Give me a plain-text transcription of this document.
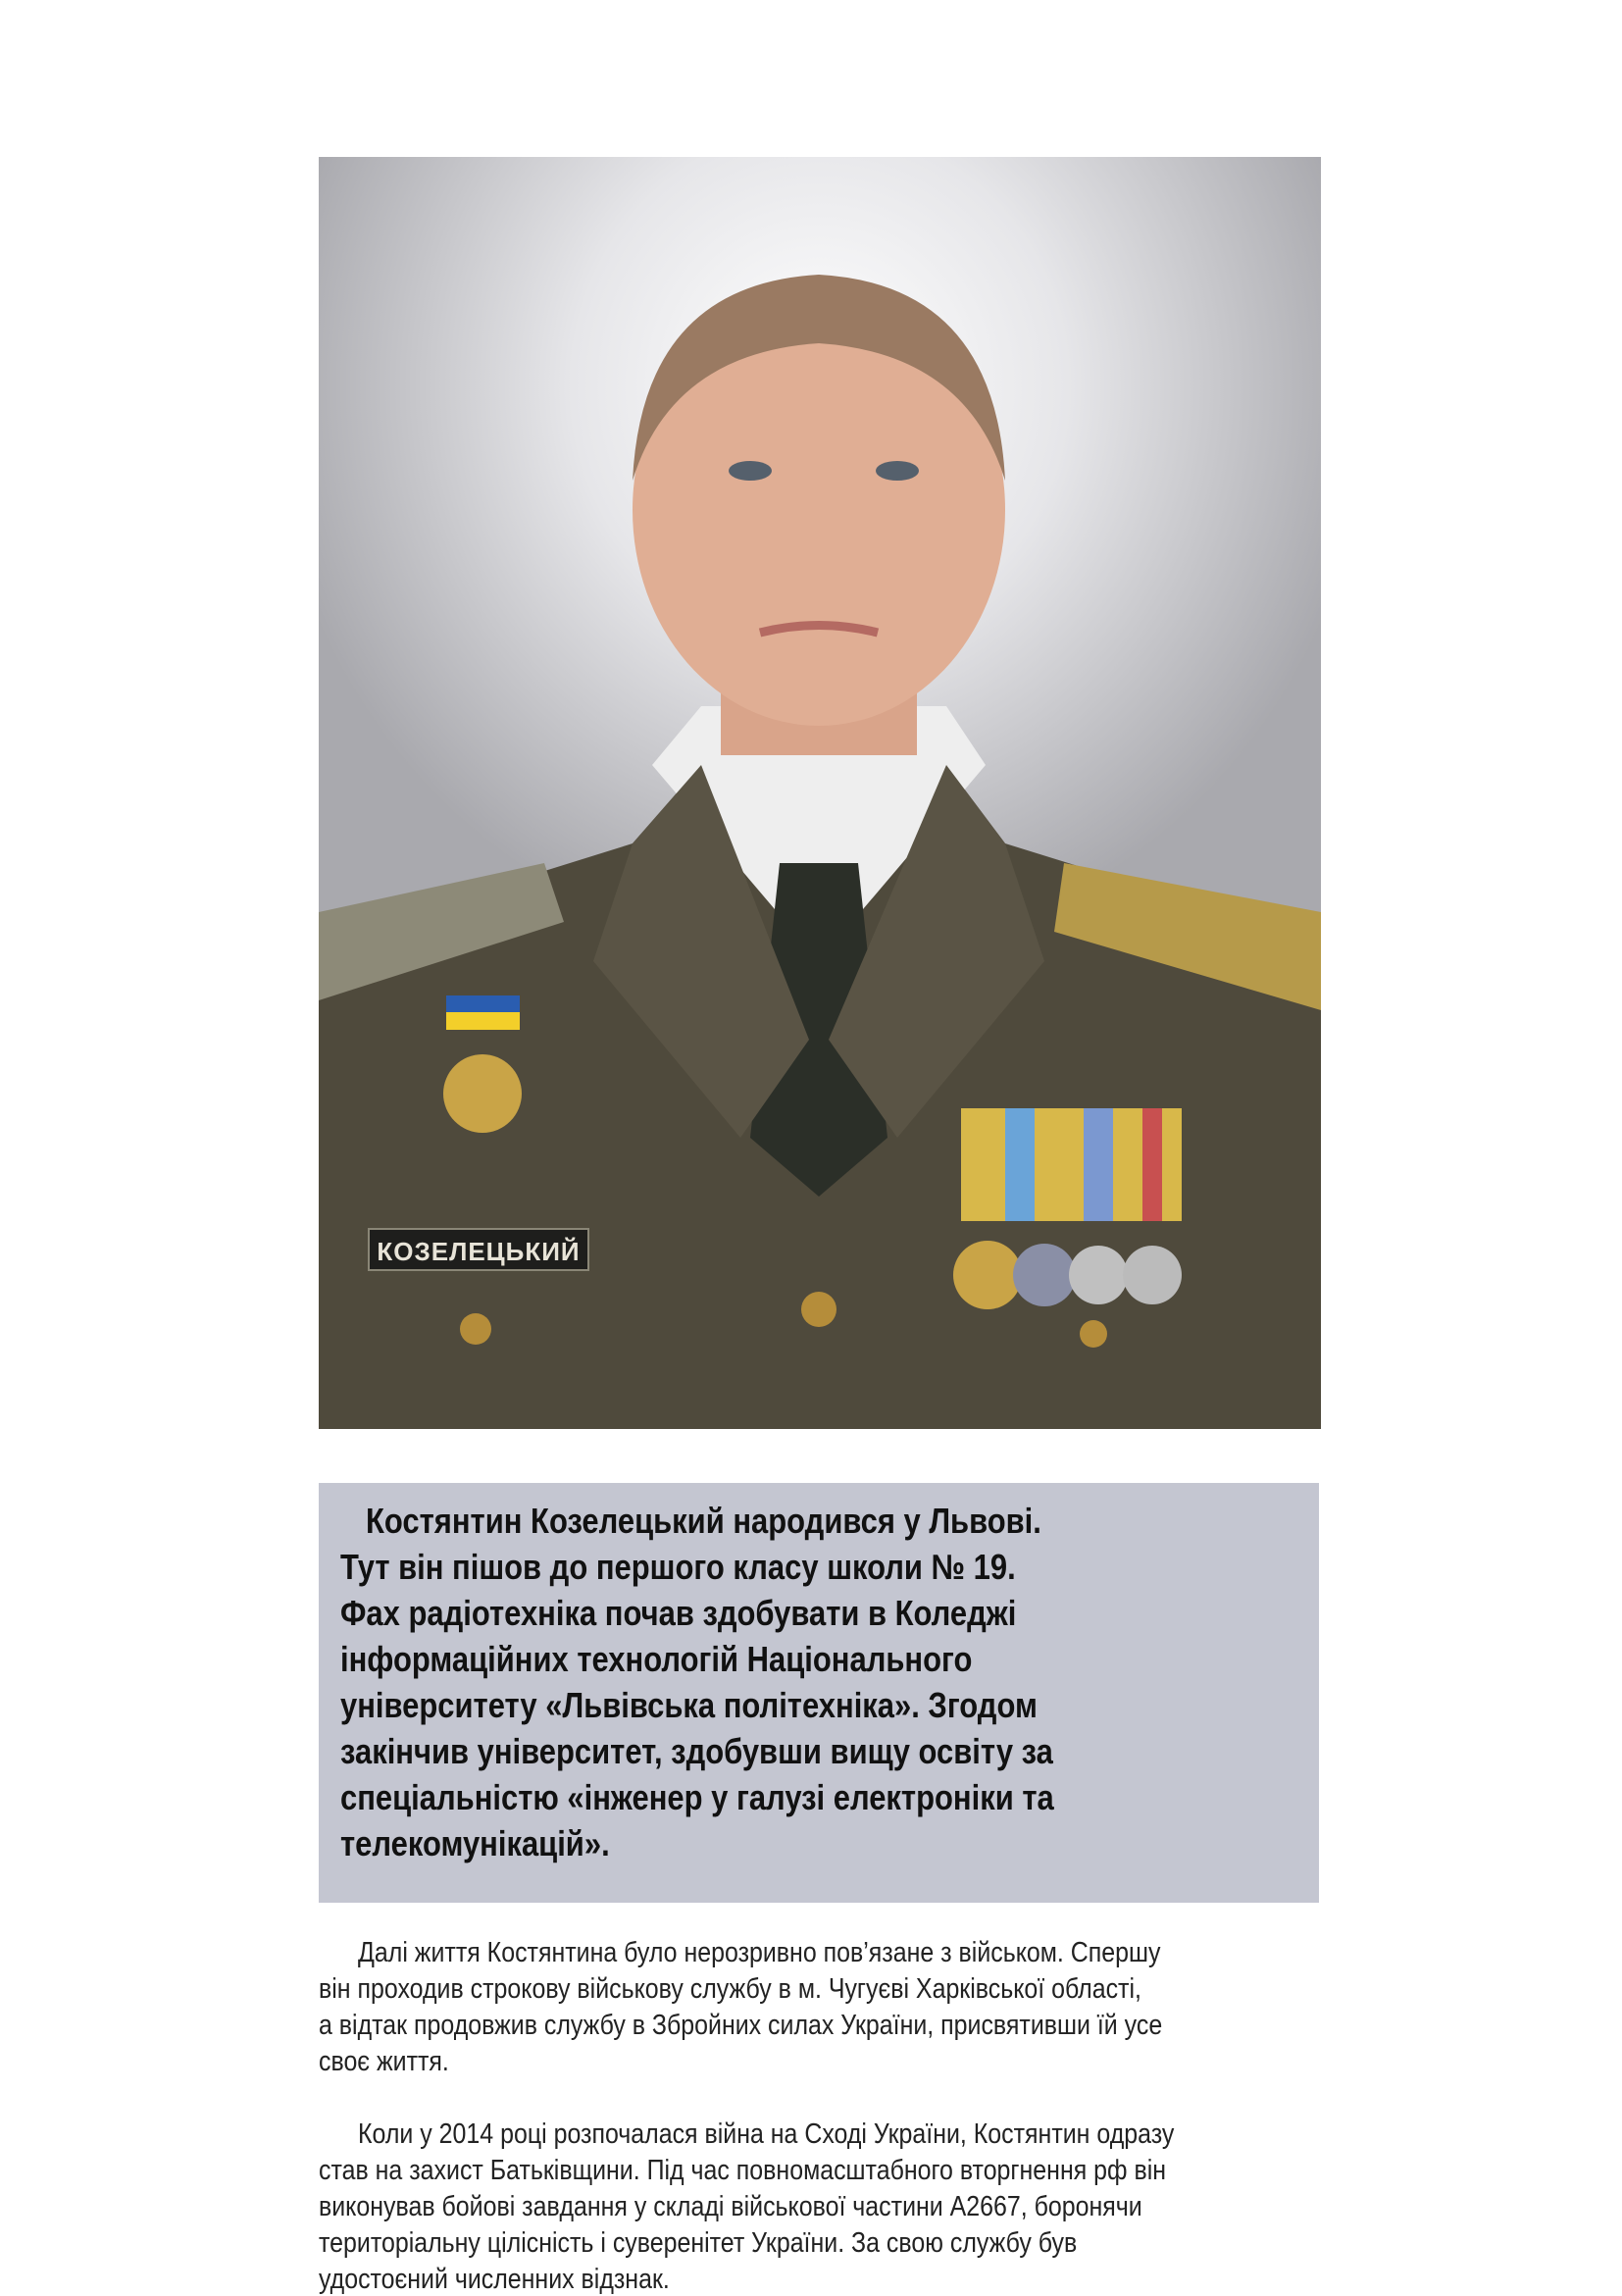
КОЗЕЛЕЦЬКИЙ
Костянтин Козелецький народився у Львові.
Тут він пішов до першого класу школи № 19.
Фах радіотехніка почав здобувати в Коледжі
інформаційних технологій Національного
університету «Львівська політехніка». Згодом
закінчив університет, здобувши вищу освіту за
спеціальністю «інженер у галузі електроніки та
телекомунікацій».
Далі життя Костянтина було нерозривно пов’язане з військом. Спершу
він проходив строкову військову службу в м. Чугуєві Харківської області,
а відтак продовжив службу в Збройних силах України, присвятивши їй усе
своє життя.
Коли у 2014 році розпочалася війна на Сході України, Костянтин одразу
став на захист Батьківщини. Під час повномасштабного вторгнення рф він
виконував бойові завдання у складі військової частини А2667, боронячи
територіальну цілісність і суверенітет України. За свою службу був
удостоєний численних відзнак.
